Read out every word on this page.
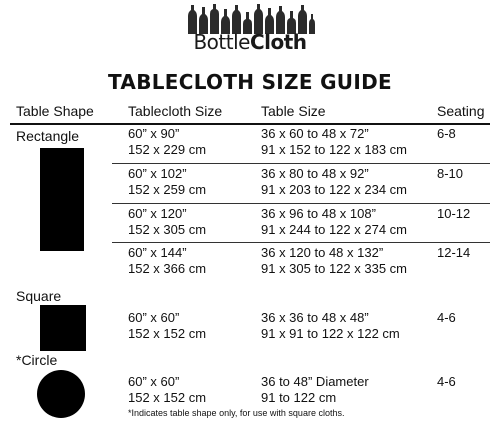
BottleCloth
TABLECLOTH SIZE GUIDE
Table Shape Tablecloth Size	Table Size	Seating
Rectangle
Square
*Circle
60” x 90”
152 x 229 cm
36 x 60 to 48 x 72”
91 x 152 to 122 x 183 cm
6-8
60” x 102”
152 x 259 cm
36 x 80 to 48 x 92”
91 x 203 to 122 x 234 cm
8-10
60” x 120”
152 x 305 cm
36 x 96 to 48 x 108”
91 x 244 to 122 x 274 cm
10-12
60” x 144”
152 x 366 cm
36 x 120 to 48 x 132”
91 x 305 to 122 x 335 cm
12-14
60” x 60”
152 x 152 cm
36 x 36 to 48 x 48”
91 x 91 to 122 x 122 cm
4-6
60” x 60”
152 x 152 cm
36 to 48” Diameter
91 to 122 cm
4-6
*Indicates table shape only, for use with square cloths.
